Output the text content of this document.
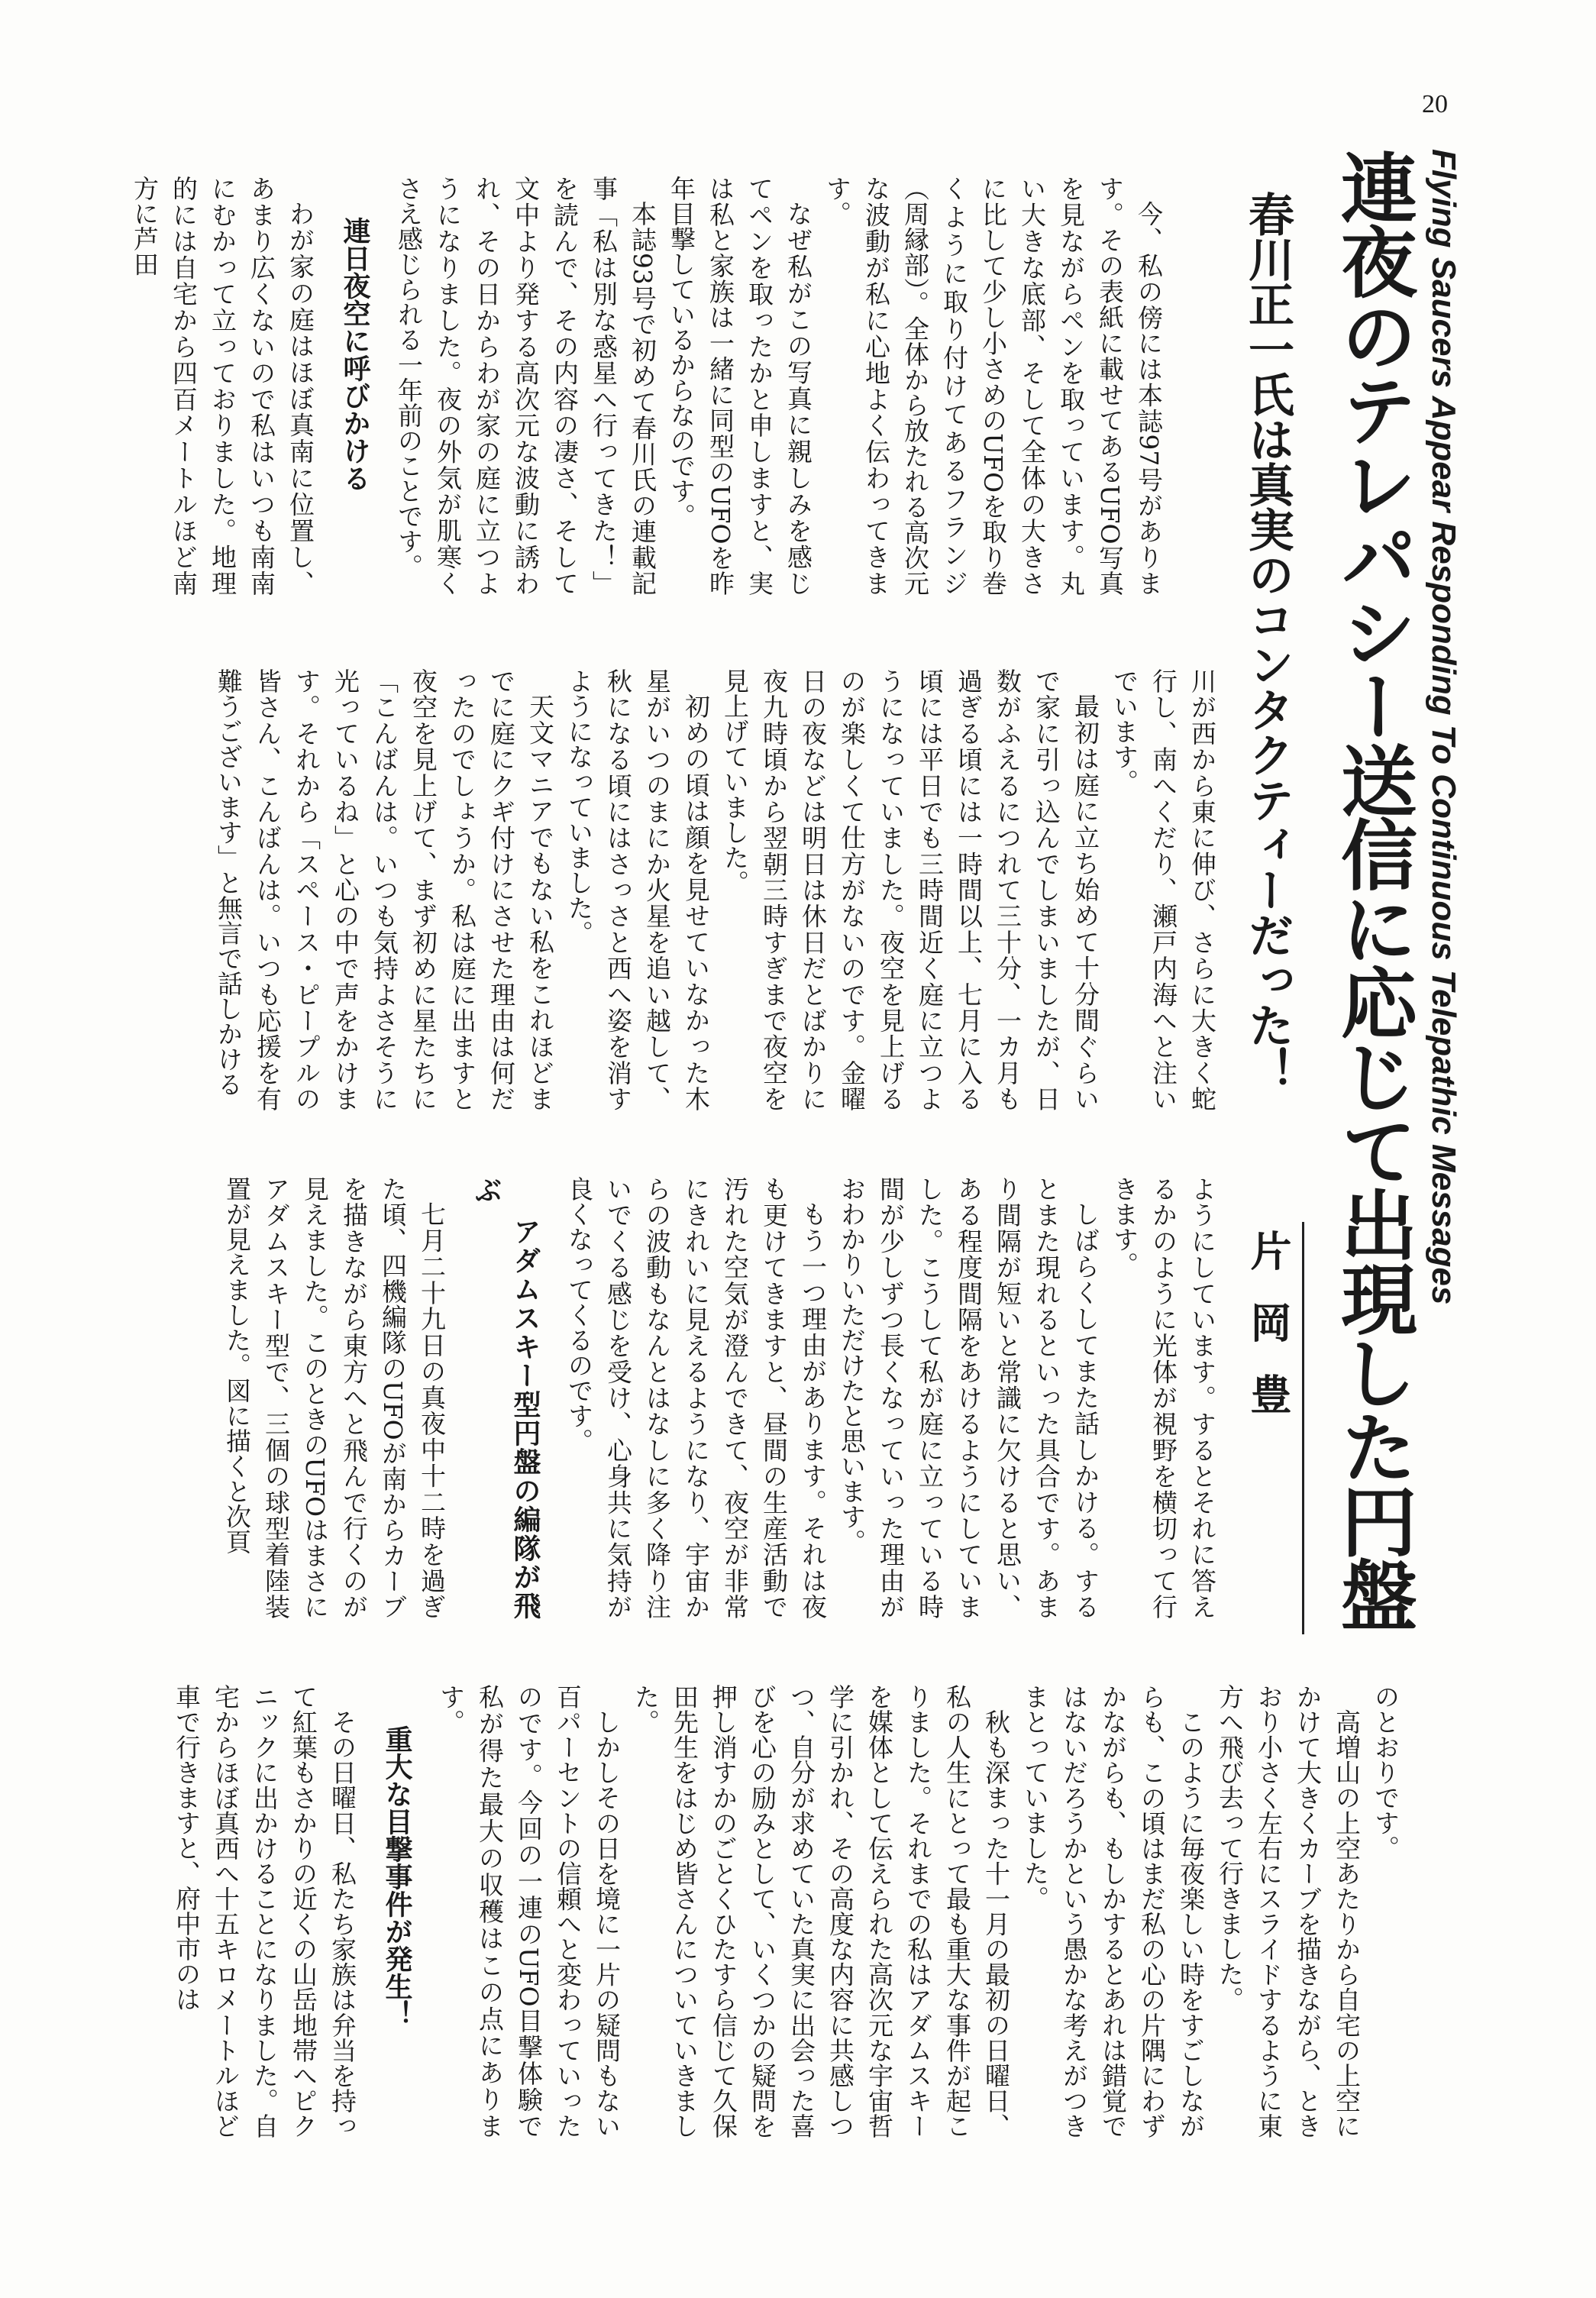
20
Flying Saucers Appear Responding To Continuous Telepathic Messages
連夜のテレパシー送信に応じて出現した円盤
春川正一氏は真実のコンタクティーだった！
片岡豊

今、私の傍には本誌97号があります。その表紙に載せてあるUFO写真を見ながらペンを取っています。丸い大きな底部、そして全体の大きさに比して少し小さめのUFOを取り巻くように取り付けてあるフランジ（周縁部）。全体から放たれる高次元な波動が私に心地よく伝わってきます。

なぜ私がこの写真に親しみを感じてペンを取ったかと申しますと、実は私と家族は一緒に同型のUFOを昨年目撃しているからなのです。

本誌93号で初めて春川氏の連載記事「私は別な惑星へ行ってきた！」を読んで、その内容の凄さ、そして文中より発する高次元な波動に誘われ、その日からわが家の庭に立つようになりました。夜の外気が肌寒くさえ感じられる一年前のことです。

連日夜空に呼びかける

わが家の庭はほぼ真南に位置し、あまり広くないので私はいつも南南にむかって立っておりました。地理的には自宅から四百メートルほど南方に芦田

川が西から東に伸び、さらに大きく蛇行し、南へくだり、瀬戸内海へと注いでいます。

最初は庭に立ち始めて十分間ぐらいで家に引っ込んでしまいましたが、日数がふえるにつれて三十分、一カ月も過ぎる頃には一時間以上、七月に入る頃には平日でも三時間近く庭に立つようになっていました。夜空を見上げるのが楽しくて仕方がないのです。金曜日の夜などは明日は休日だとばかりに夜九時頃から翌朝三時すぎまで夜空を見上げていました。

初めの頃は顔を見せていなかった木星がいつのまにか火星を追い越して、秋になる頃にはさっさと西へ姿を消すようになっていました。

天文マニアでもない私をこれほどまでに庭にクギ付けにさせた理由は何だったのでしょうか。私は庭に出ますと夜空を見上げて、まず初めに星たちに「こんばんは。いつも気持よさそうに光っているね」と心の中で声をかけます。それから「スペース・ピープルの皆さん、こんばんは。いつも応援を有難うございます」と無言で話しかける

ようにしています。するとそれに答えるかのように光体が視野を横切って行きます。

しばらくしてまた話しかける。するとまた現れるといった具合です。あまり間隔が短いと常識に欠けると思い、ある程度間隔をあけるようにしていました。こうして私が庭に立っている時間が少しずつ長くなっていった理由がおわかりいただけたと思います。

もう一つ理由があります。それは夜も更けてきますと、昼間の生産活動で汚れた空気が澄んできて、夜空が非常にきれいに見えるようになり、宇宙からの波動もなんとはなしに多く降り注いでくる感じを受け、心身共に気持が良くなってくるのです。

アダムスキー型円盤の編隊が飛ぶ

七月二十九日の真夜中十二時を過ぎた頃、四機編隊のUFOが南からカーブを描きながら東方へと飛んで行くのが見えました。このときのUFOはまさにアダムスキー型で、三個の球型着陸装置が見えました。図に描くと次頁

のとおりです。

高増山の上空あたりから自宅の上空にかけて大きくカーブを描きながら、ときおり小さく左右にスライドするように東方へ飛び去って行きました。

このように毎夜楽しい時をすごしながらも、この頃はまだ私の心の片隅にわずかながらも、もしかするとあれは錯覚ではないだろうかという愚かな考えがつきまとっていました。

秋も深まった十一月の最初の日曜日、私の人生にとって最も重大な事件が起こりました。それまでの私はアダムスキーを媒体として伝えられた高次元な宇宙哲学に引かれ、その高度な内容に共感しつつ、自分が求めていた真実に出会った喜びを心の励みとして、いくつかの疑問を押し消すかのごとくひたすら信じて久保田先生をはじめ皆さんについていきました。

しかしその日を境に一片の疑問もない百パーセントの信頼へと変わっていったのです。今回の一連のUFO目撃体験で私が得た最大の収穫はこの点にあります。

重大な目撃事件が発生！

その日曜日、私たち家族は弁当を持って紅葉もさかりの近くの山岳地帯へピクニックに出かけることになりました。自宅からほぼ真西へ十五キロメートルほど車で行きますと、府中市のは
